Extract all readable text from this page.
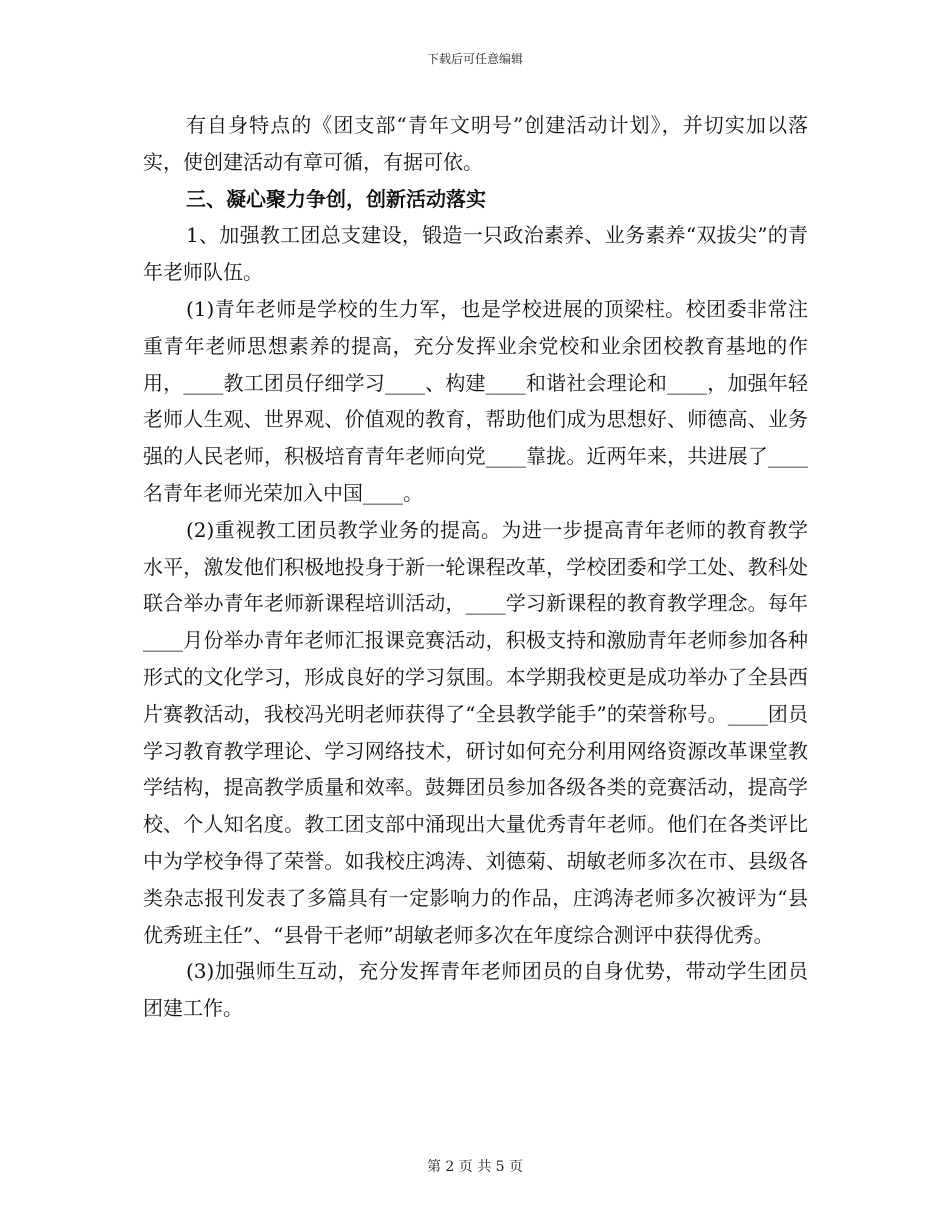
下载后可任意编辑

有自身特点的《团支部“青年文明号”创建活动计划》，并切实加以落实，使创建活动有章可循，有据可依。

三、凝心聚力争创，创新活动落实

1、加强教工团总支建设，锻造一只政治素养、业务素养“双拔尖”的青年老师队伍。

(1)青年老师是学校的生力军，也是学校进展的顶梁柱。校团委非常注重青年老师思想素养的提高，充分发挥业余党校和业余团校教育基地的作用，____教工团员仔细学习____、构建____和谐社会理论和____，加强年轻老师人生观、世界观、价值观的教育，帮助他们成为思想好、师德高、业务强的人民老师，积极培育青年老师向党____靠拢。近两年来，共进展了____名青年老师光荣加入中国____。

(2)重视教工团员教学业务的提高。为进一步提高青年老师的教育教学水平，激发他们积极地投身于新一轮课程改革，学校团委和学工处、教科处联合举办青年老师新课程培训活动，____学习新课程的教育教学理念。每年____月份举办青年老师汇报课竞赛活动，积极支持和激励青年老师参加各种形式的文化学习，形成良好的学习氛围。本学期我校更是成功举办了全县西片赛教活动，我校冯光明老师获得了“全县教学能手”的荣誉称号。____团员学习教育教学理论、学习网络技术，研讨如何充分利用网络资源改革课堂教学结构，提高教学质量和效率。鼓舞团员参加各级各类的竞赛活动，提高学校、个人知名度。教工团支部中涌现出大量优秀青年老师。他们在各类评比中为学校争得了荣誉。如我校庄鸿涛、刘德菊、胡敏老师多次在市、县级各类杂志报刊发表了多篇具有一定影响力的作品，庄鸿涛老师多次被评为“县优秀班主任”、“县骨干老师”胡敏老师多次在年度综合测评中获得优秀。

(3)加强师生互动，充分发挥青年老师团员的自身优势，带动学生团员团建工作。

第 2 页 共 5 页
